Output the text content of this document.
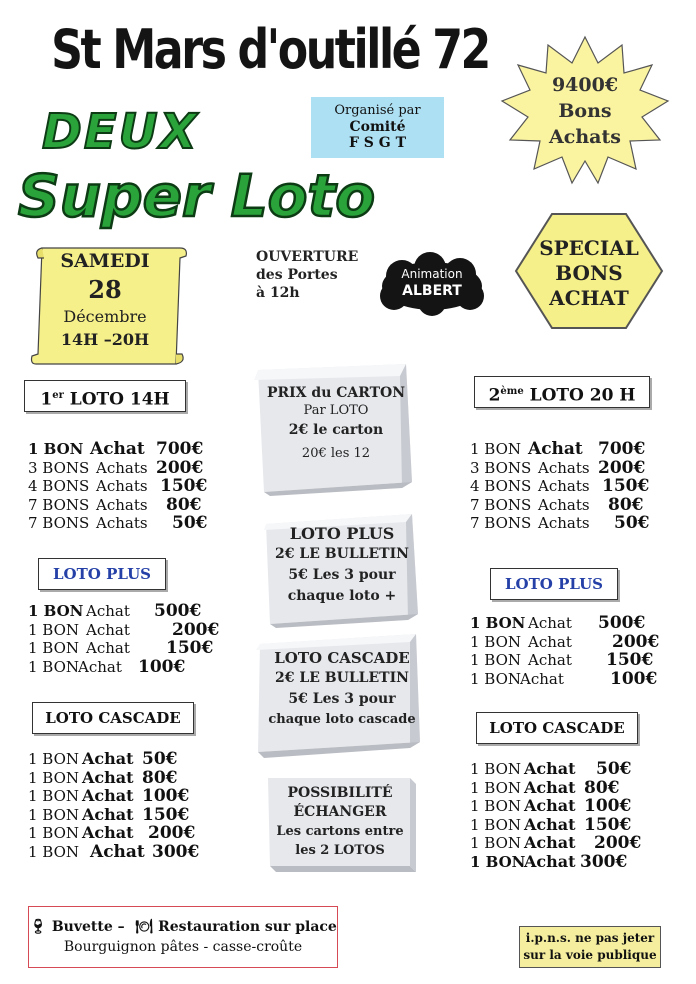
St Mars d'outillé 72
9400€
Bons
Achats
Organisé par
Comité
F S G T
DEUX
Super Loto
SAMEDI
28
Décembre
14H –20H
OUVERTURE
des Portes
à 12h
Animation
ALBERT
SPECIAL
BONS
ACHAT
1er LOTO 14H
1 BON Achat 700€
3 BONS Achats 200€
4 BONS Achats 150€
7 BONS Achats 80€
7 BONS Achats 50€
LOTO PLUS
1 BON Achat 500€
1 BON Achat 200€
1 BON Achat 150€
1 BONAchat 100€
LOTO CASCADE
1 BON Achat 50€
1 BON Achat 80€
1 BON Achat 100€
1 BON Achat 150€
1 BON Achat 200€
1 BON Achat 300€
2ème LOTO 20 H
1 BON Achat 700€
3 BONS Achats 200€
4 BONS Achats 150€
7 BONS Achats 80€
7 BONS Achats 50€
LOTO PLUS
1 BON Achat 500€
1 BON Achat 200€
1 BON Achat 150€
1 BONAchat	100€
LOTO CASCADE
1 BON Achat 50€
1 BON Achat 80€
1 BON Achat 100€
1 BON Achat 150€
1 BON Achat 200€
1 BONAchat 300€
PRIX du CARTON
Par LOTO
2€ le carton
20€ les 12
LOTO PLUS
2€ LE BULLETIN
5€ Les 3 pour
chaque loto +
LOTO CASCADE
2€ LE BULLETIN
5€ Les 3 pour
chaque loto cascade
POSSIBILITÉ
ÉCHANGER
Les cartons entre
les 2 LOTOS
🍷︎ Buvette – 🍽︎ Restauration sur place
Bourguignon pâtes - casse-croûte
i.p.n.s. ne pas jeter
sur la voie publique
